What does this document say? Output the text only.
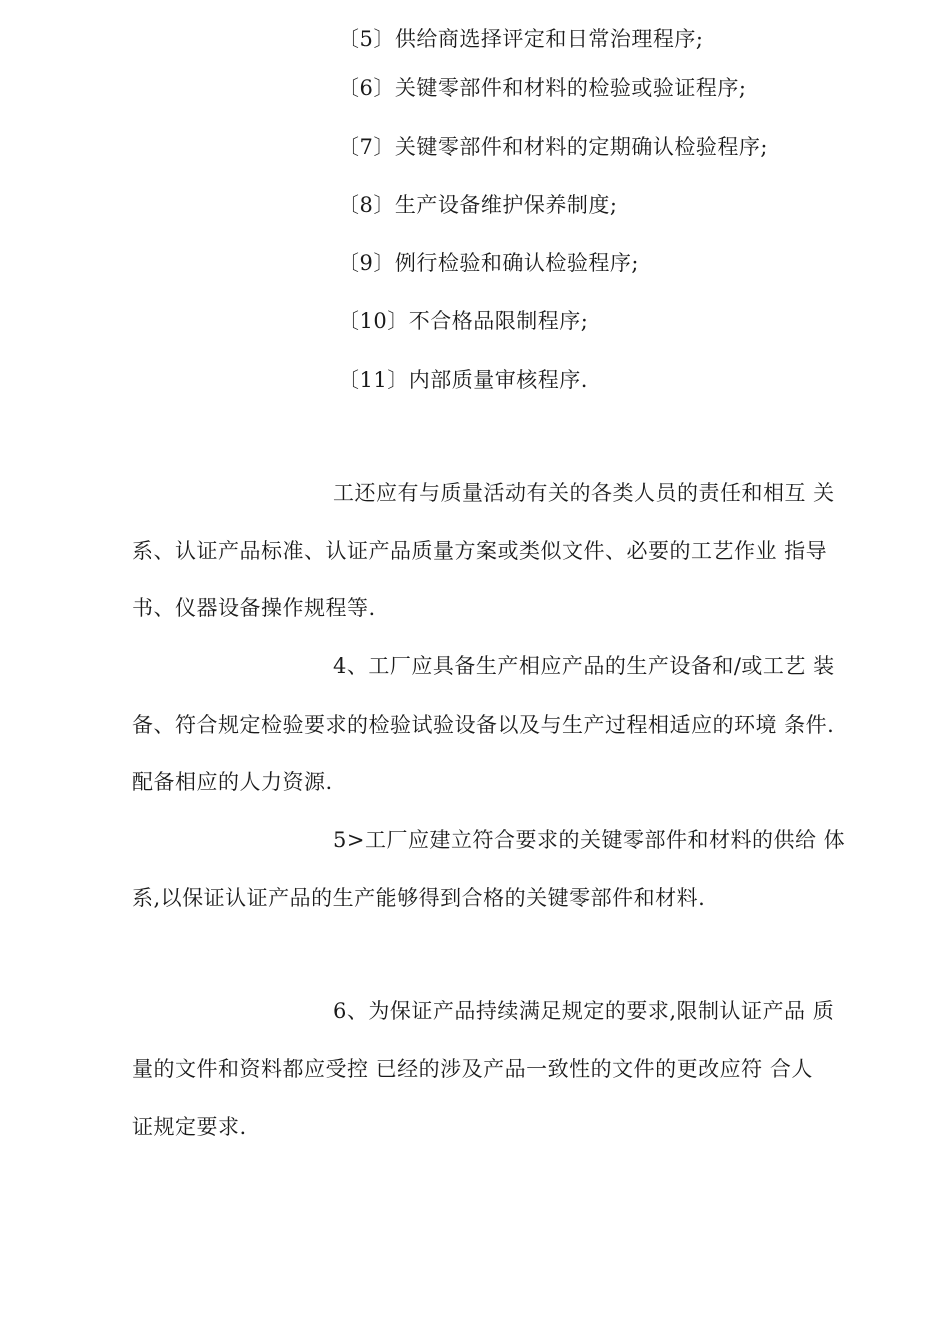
〔5〕供给商选择评定和日常治理程序;
〔6〕关键零部件和材料的检验或验证程序;
〔7〕关键零部件和材料的定期确认检验程序;
〔8〕生产设备维护保养制度;
〔9〕例行检验和确认检验程序;
〔10〕不合格品限制程序;
〔11〕内部质量审核程序.
工还应有与质量活动有关的各类人员的责任和相互 关
系、认证产品标准、认证产品质量方案或类似文件、必要的工艺作业 指导
书、仪器设备操作规程等.
4、工厂应具备生产相应产品的生产设备和/或工艺 装
备、符合规定检验要求的检验试验设备以及与生产过程相适应的环境 条件.
配备相应的人力资源.
5>工厂应建立符合要求的关键零部件和材料的供给 体
系,以保证认证产品的生产能够得到合格的关键零部件和材料.
6、为保证产品持续满足规定的要求,限制认证产品 质
量的文件和资料都应受控 已经的涉及产品一致性的文件的更改应符 合人
证规定要求.
